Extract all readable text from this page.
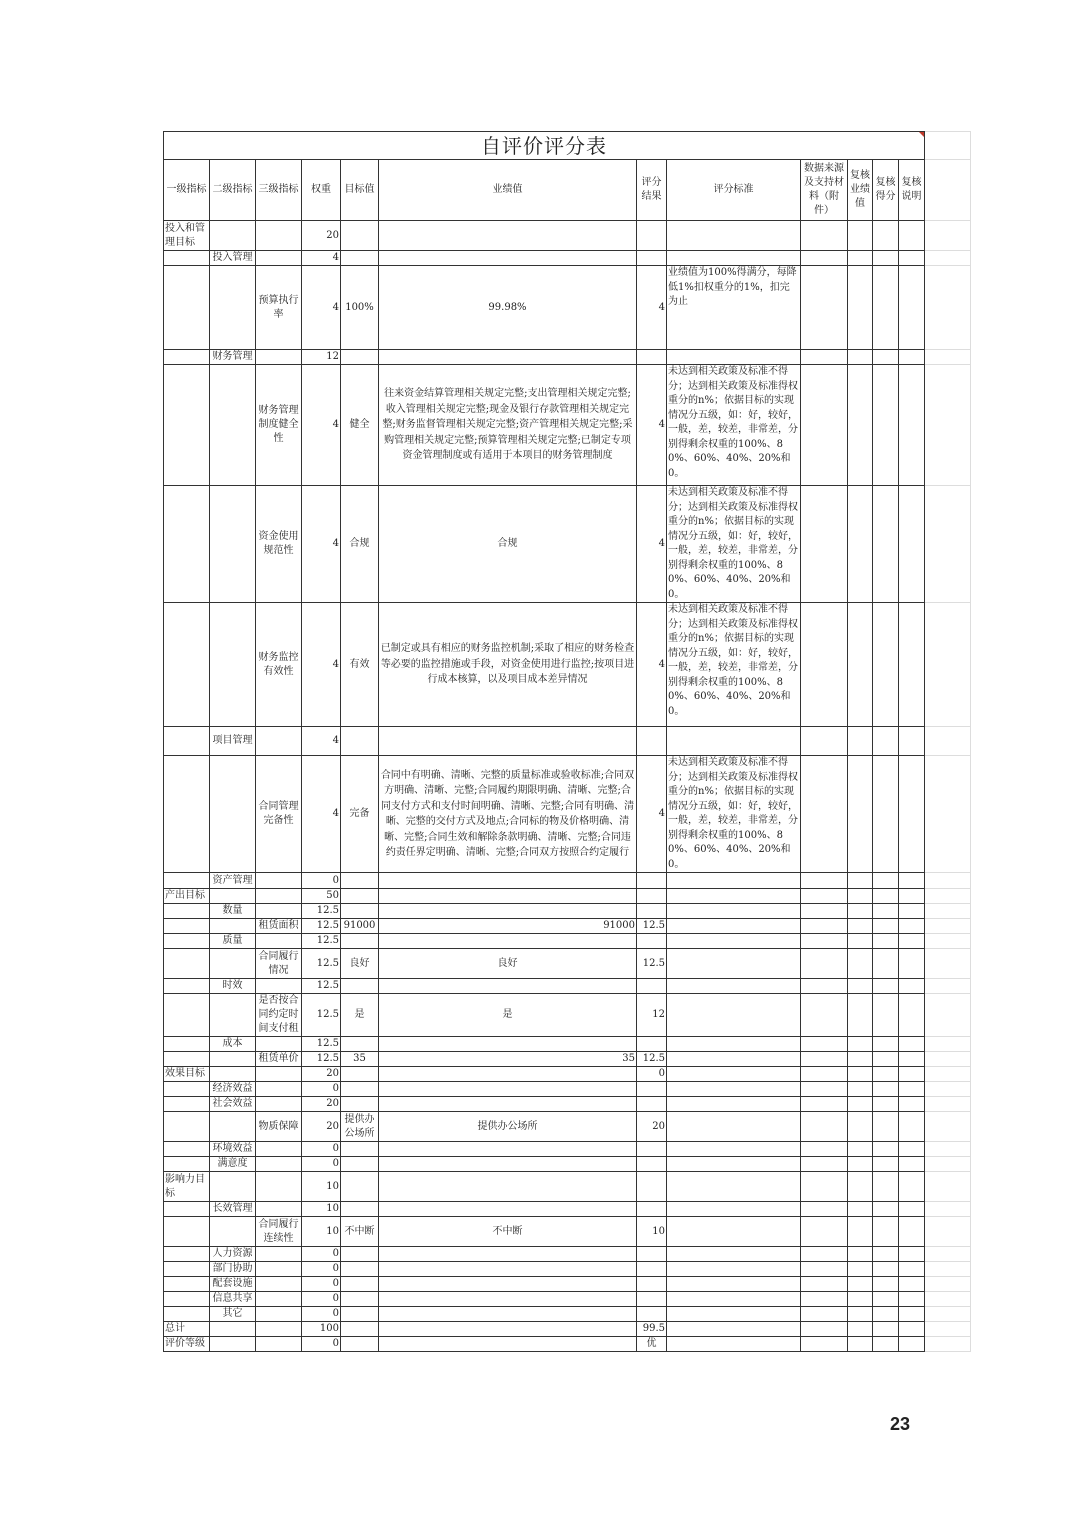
自评价评分表												
一级指标	二级指标	三级指标	权重	目标值	业绩值	评分结果	评分标准	数据来源及支持材料（附件）	复核业绩值	复核得分	复核说明	
投入和管理目标			20									
	投入管理		4									
		预算执行率	4	100%	99.98%	4	业绩值为100%得满分，每降低1%扣权重分的1%，扣完为止					
	财务管理		12									
		财务管理制度健全性	4	健全	往来资金结算管理相关规定完整;支出管理相关规定完整;收入管理相关规定完整;现金及银行存款管理相关规定完整;财务监督管理相关规定完整;资产管理相关规定完整;采购管理相关规定完整;预算管理相关规定完整;已制定专项资金管理制度或有适用于本项目的财务管理制度	4	未达到相关政策及标准不得分；达到相关政策及标准得权重分的n%；依据目标的实现情况分五级，如：好，较好，一般，差，较差，非常差，分别得剩余权重的100%、80%、60%、40%、20%和0。					
		资金使用规范性	4	合规	合规	4	未达到相关政策及标准不得分；达到相关政策及标准得权重分的n%；依据目标的实现情况分五级，如：好，较好，一般，差，较差，非常差，分别得剩余权重的100%、80%、60%、40%、20%和0。					
		财务监控有效性	4	有效	已制定或具有相应的财务监控机制;采取了相应的财务检查等必要的监控措施或手段，对资金使用进行监控;按项目进行成本核算，以及项目成本差异情况	4	未达到相关政策及标准不得分；达到相关政策及标准得权重分的n%；依据目标的实现情况分五级，如：好，较好，一般，差，较差，非常差，分别得剩余权重的100%、80%、60%、40%、20%和0。					
	项目管理		4									
		合同管理完备性	4	完备	合同中有明确、清晰、完整的质量标准或验收标准;合同双方明确、清晰、完整;合同履约期限明确、清晰、完整;合同支付方式和支付时间明确、清晰、完整;合同有明确、清晰、完整的交付方式及地点;合同标的物及价格明确、清晰、完整;合同生效和解除条款明确、清晰、完整;合同违约责任界定明确、清晰、完整;合同双方按照合约定履行	4	未达到相关政策及标准不得分；达到相关政策及标准得权重分的n%；依据目标的实现情况分五级，如：好，较好，一般，差，较差，非常差，分别得剩余权重的100%、80%、60%、40%、20%和0。					
	资产管理		0									
产出目标			50									
	数量		12.5									
		租赁面积	12.5	91000	91000	12.5						
	质量		12.5									
		合同履行情况	12.5	良好	良好	12.5						
	时效		12.5									
		是否按合同约定时间支付租	12.5	是	是	12						
	成本		12.5									
		租赁单价	12.5	35	35	12.5						
效果目标			20			0						
	经济效益		0									
	社会效益		20									
		物质保障	20	提供办公场所	提供办公场所	20						
	环境效益		0									
	满意度		0									
影响力目标			10									
	长效管理		10									
		合同履行连续性	10	不中断	不中断	10						
	人力资源		0									
	部门协助		0									
	配套设施		0									
	信息共享		0									
	其它		0									
总计			100			99.5						
评价等级			0			优						
23
